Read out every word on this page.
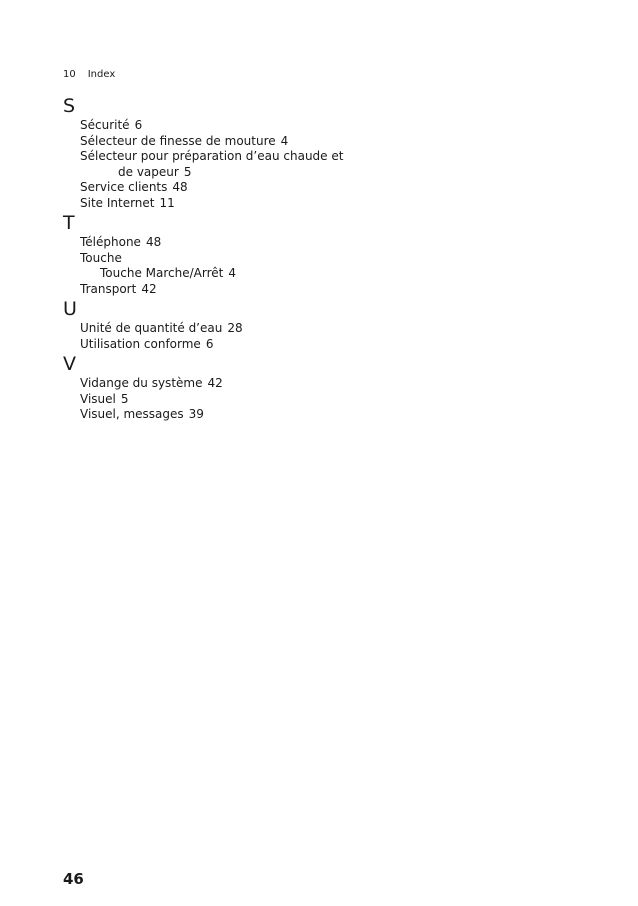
10 Index
S
Sécurité 6
Sélecteur de finesse de mouture 4
Sélecteur pour préparation d’eau chaude et
de vapeur 5
Service clients 48
Site Internet 11
T
Téléphone 48
Touche
Touche Marche/Arrêt 4
Transport 42
U
Unité de quantité d’eau 28
Utilisation conforme 6
V
Vidange du système 42
Visuel 5
Visuel, messages 39
46
